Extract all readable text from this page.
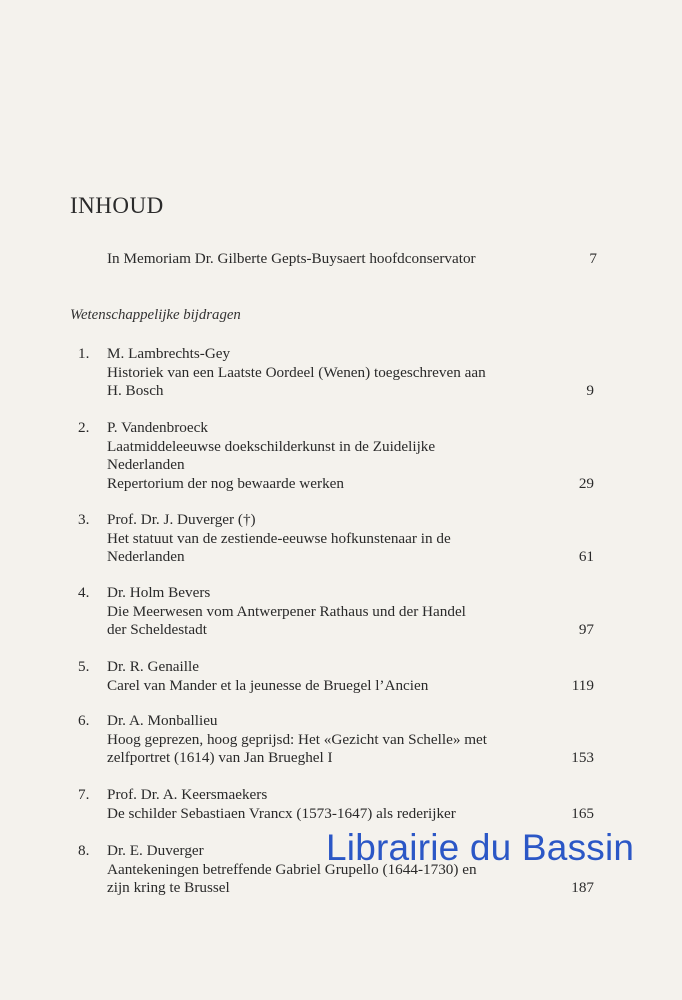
INHOUD
In Memoriam Dr. Gilberte Gepts-Buysaert hoofdconservator	7
Wetenschappelijke bijdragen
1. M. Lambrechts-Gey
Historiek van een Laatste Oordeel (Wenen) toegeschreven aan
H. Bosch	9
2. P. Vandenbroeck
Laatmiddeleeuwse doekschilderkunst in de Zuidelijke
Nederlanden
Repertorium der nog bewaarde werken	29
3. Prof. Dr. J. Duverger (†)
Het statuut van de zestiende-eeuwse hofkunstenaar in de
Nederlanden	61
4. Dr. Holm Bevers
Die Meerwesen vom Antwerpener Rathaus und der Handel
der Scheldestadt	97
5. Dr. R. Genaille
Carel van Mander et la jeunesse de Bruegel l’Ancien	119
6. Dr. A. Monballieu
Hoog geprezen, hoog geprijsd: Het «Gezicht van Schelle» met
zelfportret (1614) van Jan Brueghel I	153
7. Prof. Dr. A. Keersmaekers
De schilder Sebastiaen Vrancx (1573-1647) als rederijker	165
8. Dr. E. Duverger
Aantekeningen betreffende Gabriel Grupello (1644-1730) en
zijn kring te Brussel	187
Librairie du Bassin
